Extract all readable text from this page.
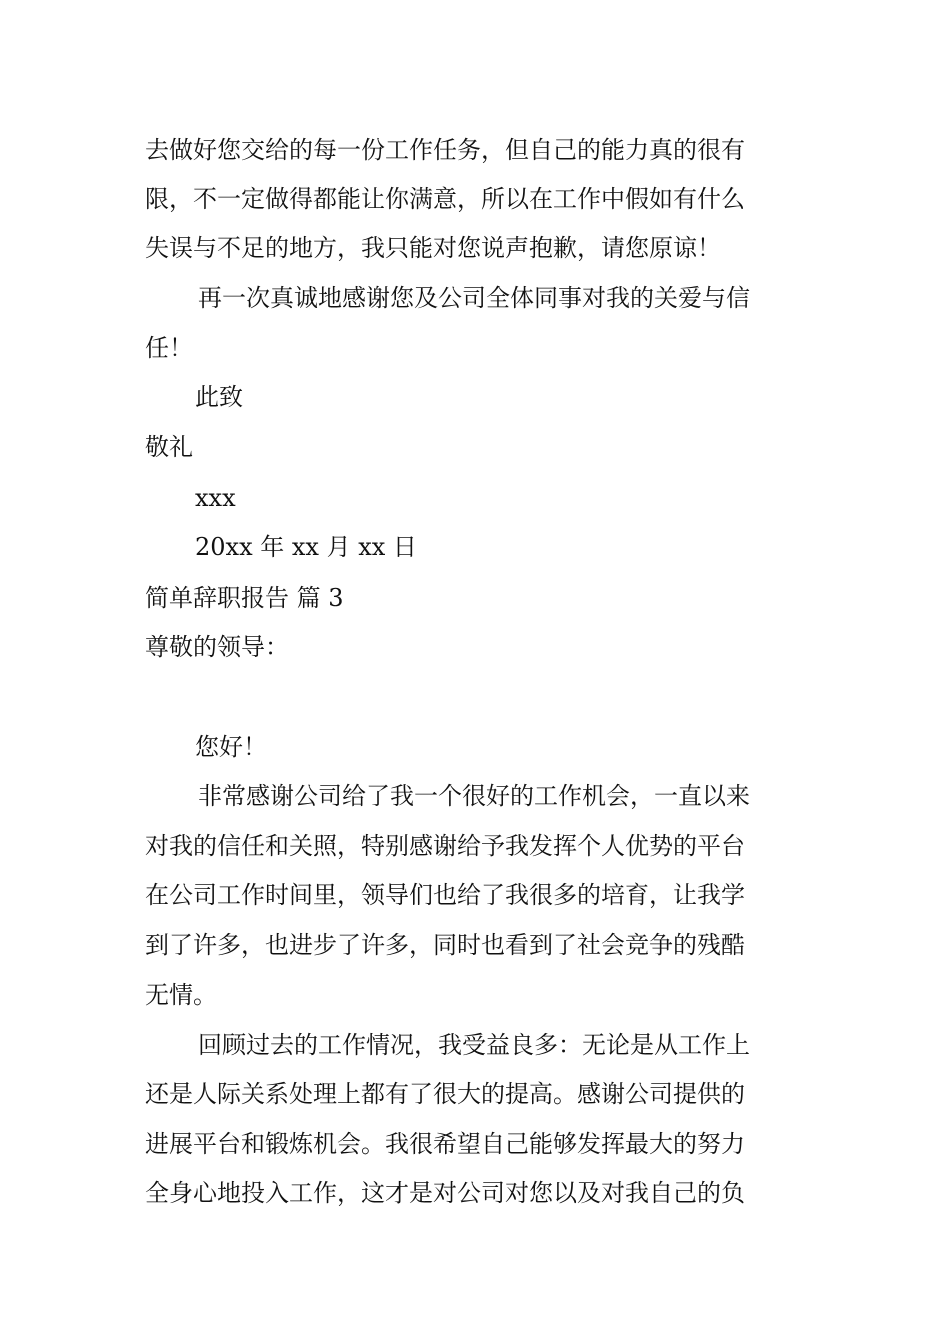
去做好您交给的每一份工作任务，但自己的能力真的很有
限，不一定做得都能让你满意，所以在工作中假如有什么
失误与不足的地方，我只能对您说声抱歉，请您原谅！
再一次真诚地感谢您及公司全体同事对我的关爱与信
任！
此致
敬礼
xxx
20xx 年 xx 月 xx 日
简单辞职报告 篇 3
尊敬的领导：
您好！
非常感谢公司给了我一个很好的工作机会，一直以来
对我的信任和关照，特别感谢给予我发挥个人优势的平台
在公司工作时间里，领导们也给了我很多的培育，让我学
到了许多，也进步了许多，同时也看到了社会竞争的残酷
无情。
回顾过去的工作情况，我受益良多：无论是从工作上
还是人际关系处理上都有了很大的提高。感谢公司提供的
进展平台和锻炼机会。我很希望自己能够发挥最大的努力
全身心地投入工作，这才是对公司对您以及对我自己的负
